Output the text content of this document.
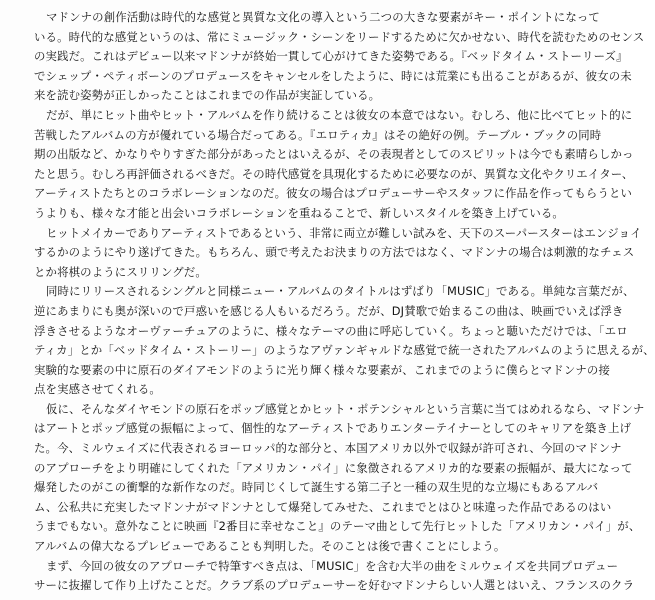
マドンナの創作活動は時代的な感覚と異質な文化の導入という二つの大きな要素がキー・ポイントになって
いる。時代的な感覚というのは、常にミュージック・シーンをリードするために欠かせない、時代を読むためのセンス
の実践だ。これはデビュー以来マドンナが終始一貫して心がけてきた姿勢である。『ベッドタイム・ストーリーズ』
でシェップ・ペティボーンのプロデュースをキャンセルをしたように、時には荒業にも出ることがあるが、彼女の未
来を読む姿勢が正しかったことはこれまでの作品が実証している。
だが、単にヒット曲やヒット・アルバムを作り続けることは彼女の本意ではない。むしろ、他に比べてヒット的に
苦戦したアルバムの方が優れている場合だってある。『エロティカ』はその絶好の例。テーブル・ブックの同時
期の出版など、かなりやりすぎた部分があったとはいえるが、その表現者としてのスピリットは今でも素晴らしかっ
たと思う。むしろ再評価されるべきだ。その時代感覚を具現化するために必要なのが、異質な文化やクリエイター、
アーティストたちとのコラボレーションなのだ。彼女の場合はプロデューサーやスタッフに作品を作ってもらうとい
うよりも、様々な才能と出会いコラボレーションを重ねることで、新しいスタイルを築き上げている。
ヒットメイカーでありアーティストであるという、非常に両立が難しい試みを、天下のスーパースターはエンジョイ
するかのようにやり遂げてきた。もちろん、頭で考えたお決まりの方法ではなく、マドンナの場合は刺激的なチェス
とか将棋のようにスリリングだ。
同時にリリースされるシングルと同様ニュー・アルバムのタイトルはずばり「MUSIC」である。単純な言葉だが、
逆にあまりにも奥が深いので戸惑いを感じる人もいるだろう。だが、DJ賛歌で始まるこの曲は、映画でいえば浮き
浮きさせるようなオーヴァーチュアのように、様々なテーマの曲に呼応していく。ちょっと聴いただけでは、「エロ
ティカ」とか「ベッドタイム・ストーリー」のようなアヴァンギャルドな感覚で統一されたアルバムのように思えるが、
実験的な要素の中に原石のダイアモンドのように光り輝く様々な要素が、これまでのように僕らとマドンナの接
点を実感させてくれる。
仮に、そんなダイヤモンドの原石をポップ感覚とかヒット・ポテンシャルという言葉に当てはめれるなら、マドンナ
はアートとポップ感覚の振幅によって、個性的なアーティストでありエンターテイナーとしてのキャリアを築き上げ
た。今、ミルウェイズに代表されるヨーロッパ的な部分と、本国アメリカ以外で収録が許可され、今回のマドンナ
のアプローチをより明確にしてくれた「アメリカン・パイ」に象徴されるアメリカ的な要素の振幅が、最大になって
爆発したのがこの衝撃的な新作なのだ。時同じくして誕生する第二子と一種の双生児的な立場にもあるアルバ
ム、公私共に充実したマドンナがマドンナとして爆発してみせた、これまでとはひと味違った作品であるのはい
うまでもない。意外なことに映画『2番目に幸せなこと』のテーマ曲として先行ヒットした「アメリカン・パイ」が、
アルバムの偉大なるプレビューであることも判明した。そのことは後で書くことにしよう。
まず、今回の彼女のアプローチで特筆すべき点は、「MUSIC」を含む大半の曲をミルウェイズを共同プロデュー
サーに抜擢して作り上げたことだ。クラブ系のプロデューサーを好むマドンナらしい人選とはいえ、フランスのクラ
